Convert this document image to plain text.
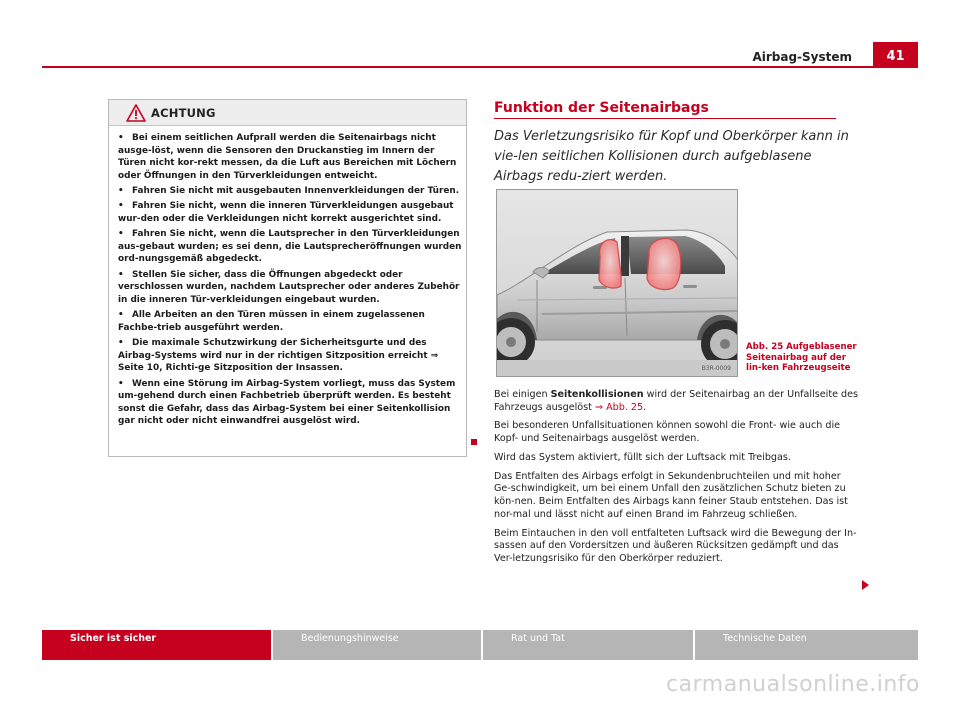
Airbag-System	41
ACHTUNG

• Bei einem seitlichen Aufprall werden die Seitenairbags nicht ausge-löst, wenn die Sensoren den Druckanstieg im Innern der Türen nicht kor-rekt messen, da die Luft aus Bereichen mit Löchern oder Öffnungen in den Türverkleidungen entweicht.

• Fahren Sie nicht mit ausgebauten Innenverkleidungen der Türen.

• Fahren Sie nicht, wenn die inneren Türverkleidungen ausgebaut wur-den oder die Verkleidungen nicht korrekt ausgerichtet sind.

• Fahren Sie nicht, wenn die Lautsprecher in den Türverkleidungen aus-gebaut wurden; es sei denn, die Lautsprecheröffnungen wurden ord-nungsgemäß abgedeckt.

• Stellen Sie sicher, dass die Öffnungen abgedeckt oder verschlossen wurden, nachdem Lautsprecher oder anderes Zubehör in die inneren Tür-verkleidungen eingebaut wurden.

• Alle Arbeiten an den Türen müssen in einem zugelassenen Fachbe-trieb ausgeführt werden.

• Die maximale Schutzwirkung der Sicherheitsgurte und des Airbag-Systems wird nur in der richtigen Sitzposition erreicht ⇒ Seite 10, Richti-ge Sitzposition der Insassen.

• Wenn eine Störung im Airbag-System vorliegt, muss das System um-gehend durch einen Fachbetrieb überprüft werden. Es besteht sonst die Gefahr, dass das Airbag-System bei einer Seitenkollision gar nicht oder nicht einwandfrei ausgelöst wird.

Funktion der Seitenairbags
Das Verletzungsrisiko für Kopf und Oberkörper kann in vie-len seitlichen Kollisionen durch aufgeblasene Airbags redu-ziert werden.
B3R-0009
Abb. 25 Aufgeblasener Seitenairbag auf der lin-ken Fahrzeugseite

Bei einigen Seitenkollisionen wird der Seitenairbag an der Unfallseite des Fahrzeugs ausgelöst ⇒ Abb. 25.

Bei besonderen Unfallsituationen können sowohl die Front- wie auch die Kopf- und Seitenairbags ausgelöst werden.

Wird das System aktiviert, füllt sich der Luftsack mit Treibgas.

Das Entfalten des Airbags erfolgt in Sekundenbruchteilen und mit hoher Ge-schwindigkeit, um bei einem Unfall den zusätzlichen Schutz bieten zu kön-nen. Beim Entfalten des Airbags kann feiner Staub entstehen. Das ist nor-mal und lässt nicht auf einen Brand im Fahrzeug schließen.

Beim Eintauchen in den voll entfalteten Luftsack wird die Bewegung der In-sassen auf den Vordersitzen und äußeren Rücksitzen gedämpft und das Ver-letzungsrisiko für den Oberkörper reduziert.

Sicher ist sicher	Bedienungshinweise	Rat und Tat	Technische Daten
carmanualsonline.info
